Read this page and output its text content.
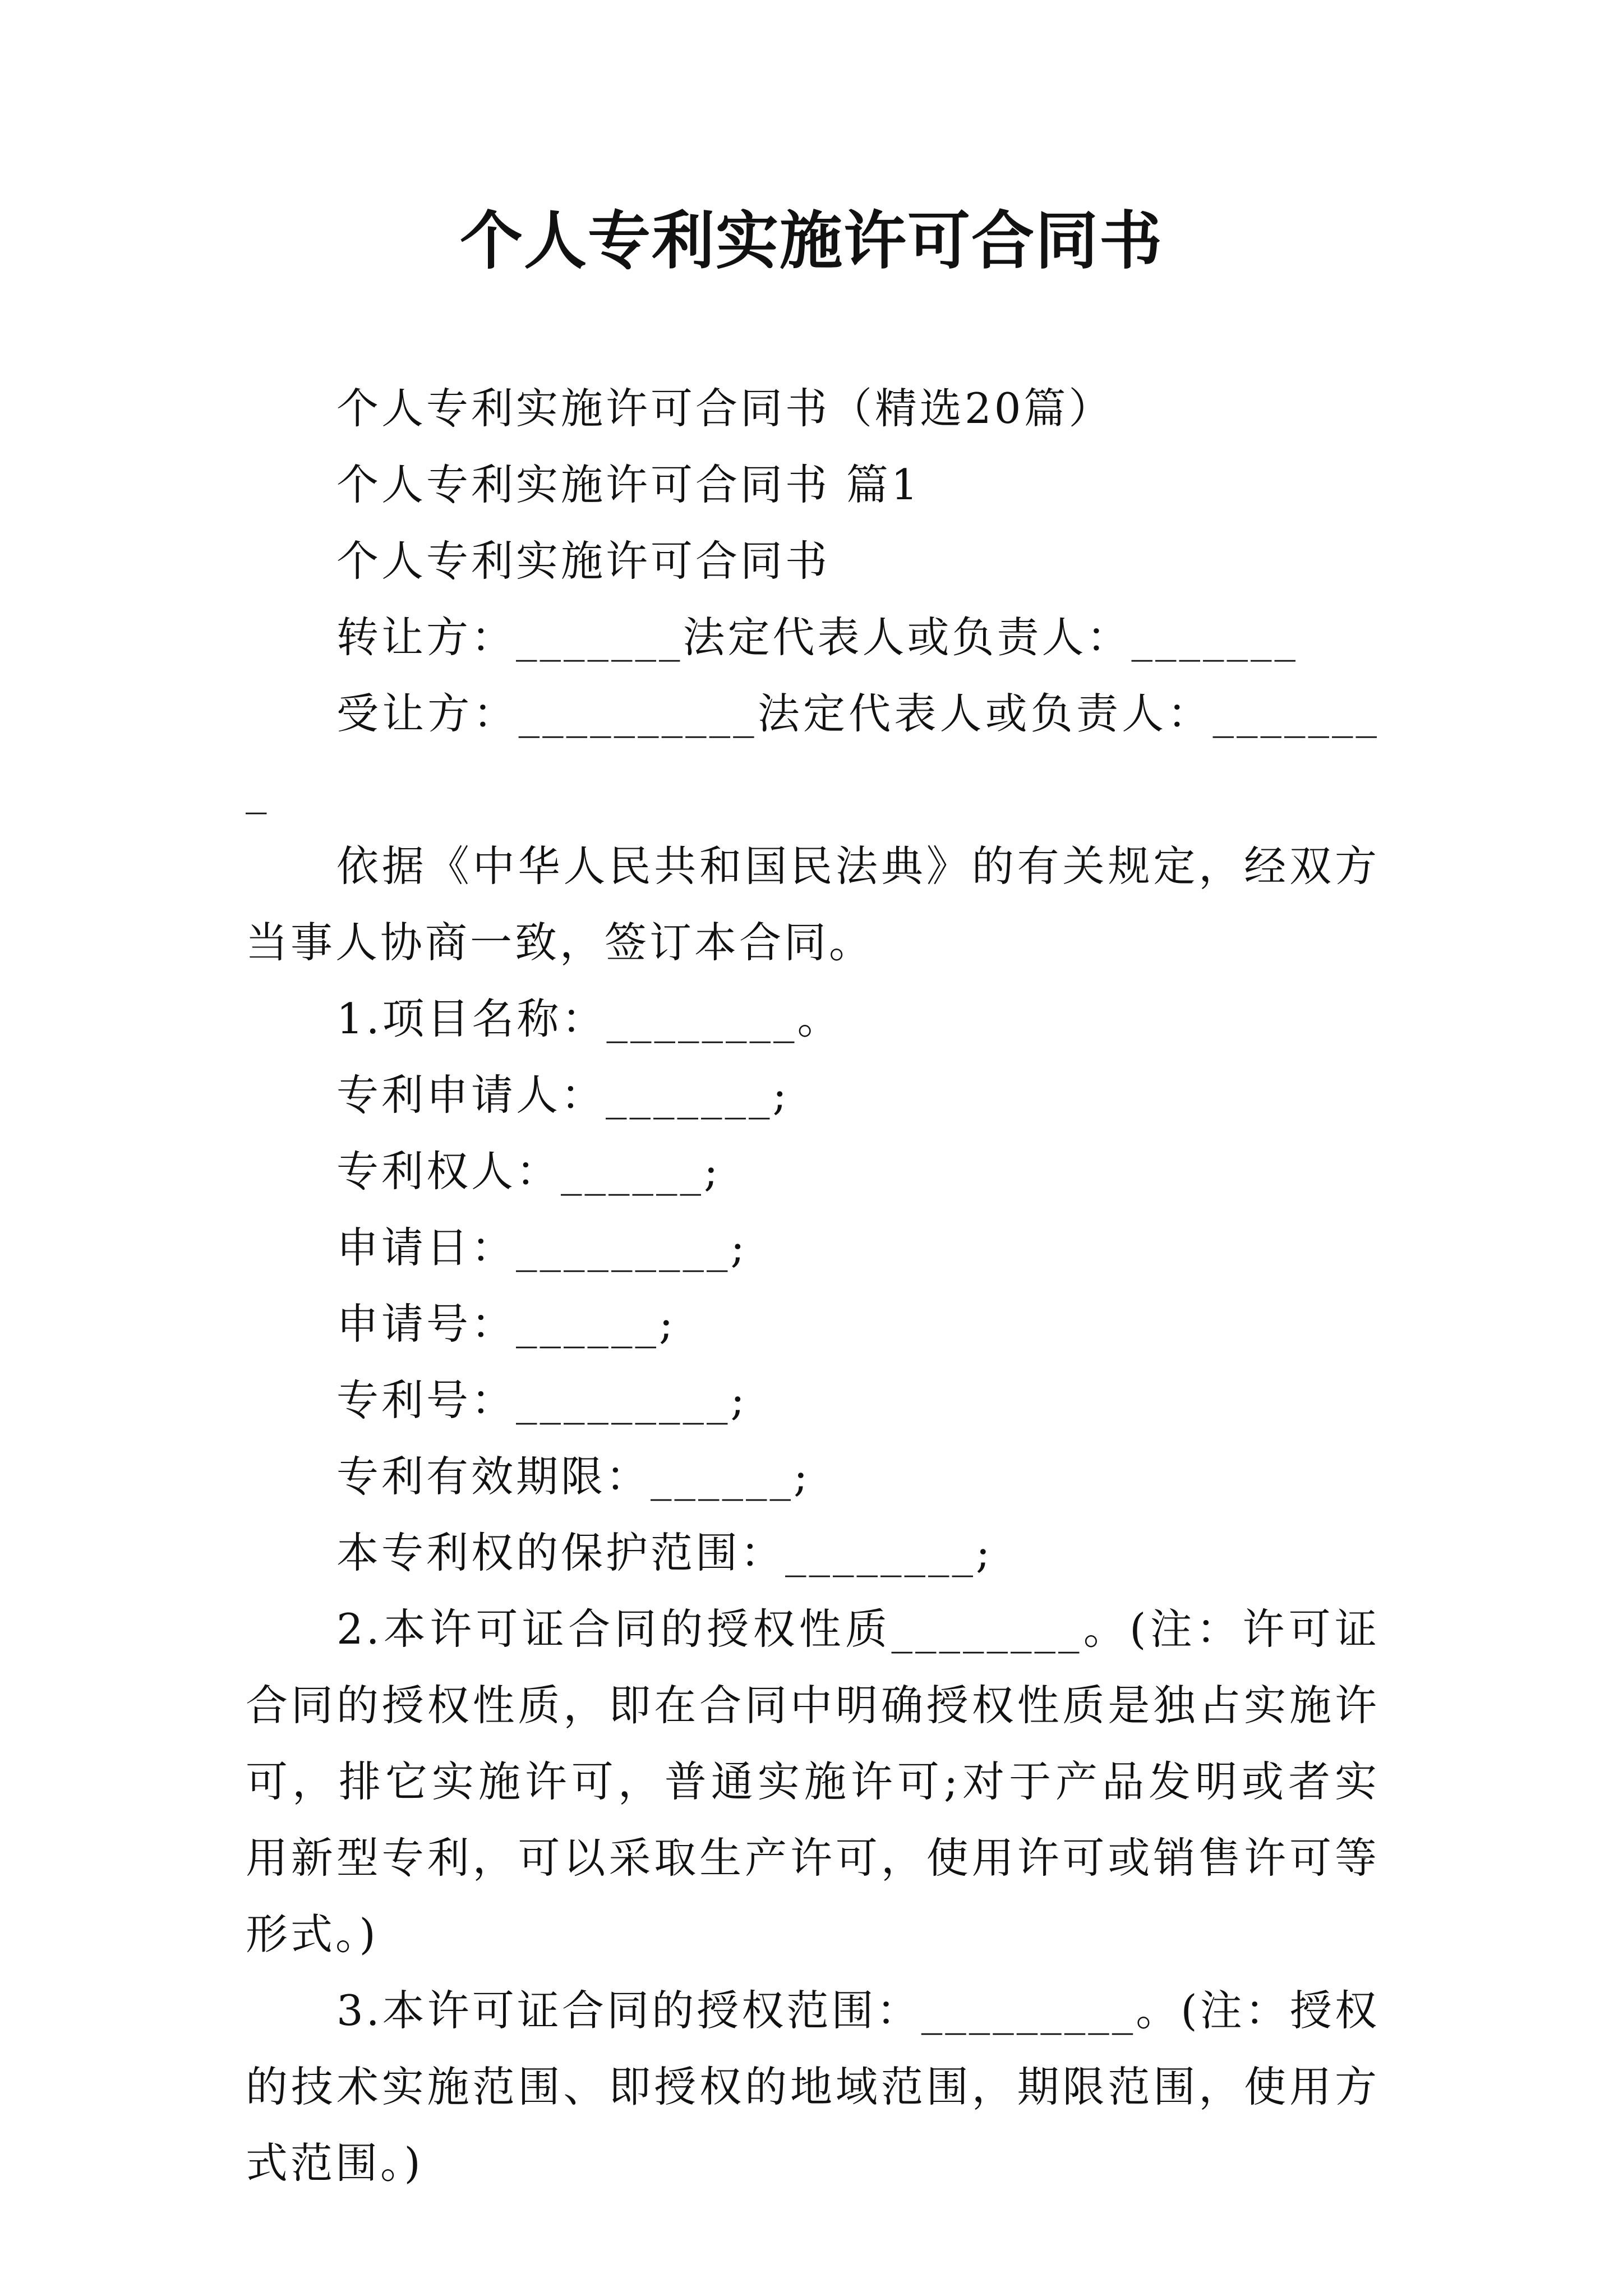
个人专利实施许可合同书

个人专利实施许可合同书（精选20篇）

个人专利实施许可合同书 篇1

个人专利实施许可合同书

转让方：_______法定代表人或负责人：_______

受让方：__________法定代表人或负责人：________

依据《中华人民共和国民法典》的有关规定，经双方当事人协商一致，签订本合同。

1.项目名称：________。

专利申请人：_______;

专利权人：______;

申请日：_________;

申请号：______;

专利号：_________;

专利有效期限：______;

本专利权的保护范围：________;

2.本许可证合同的授权性质________。(注：许可证合同的授权性质，即在合同中明确授权性质是独占实施许可，排它实施许可，普通实施许可;对于产品发明或者实用新型专利，可以采取生产许可，使用许可或销售许可等形式。)

3.本许可证合同的授权范围：_________。(注：授权的技术实施范围、即授权的地域范围，期限范围，使用方式范围。)
